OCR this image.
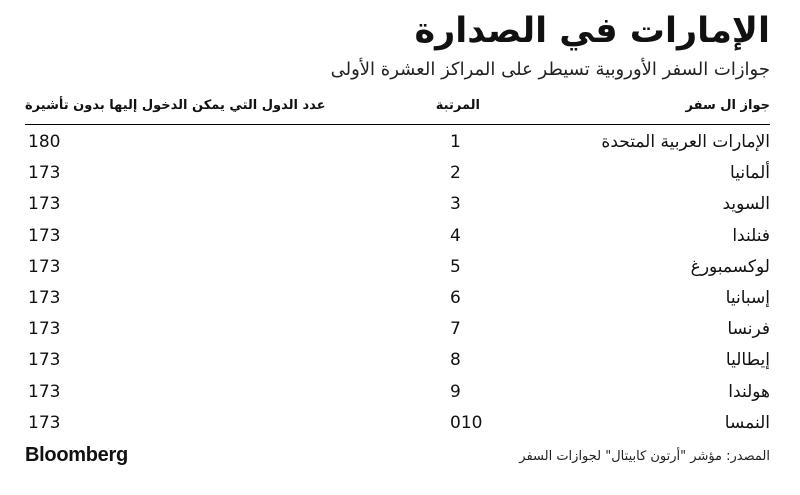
الإمارات في الصدارة
جوازات السفر الأوروبية تسيطر على المراكز العشرة الأولى
جواز ال سفر
المرتبة
عدد الدول التي يمكن الدخول إليها بدون تأشيرة
الإمارات العربية المتحدة
1
180
ألمانيا
2
173
السويد
3
173
فنلندا
4
173
لوكسمبورغ
5
173
إسبانيا
6
173
فرنسا
7
173
إيطاليا
8
173
هولندا
9
173
النمسا
010
173
Bloomberg	المصدر: مؤشر "أرتون كابيتال" لجوازات السفر
